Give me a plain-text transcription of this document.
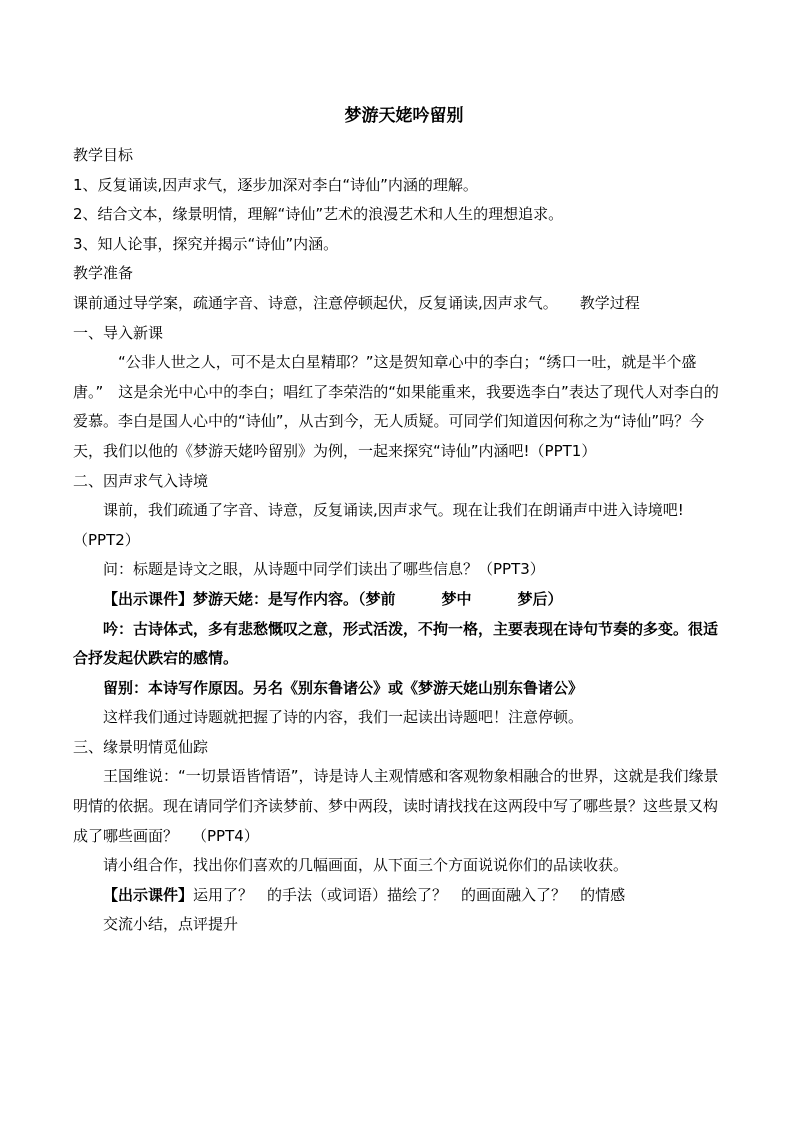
梦游天姥吟留别

教学目标

1、反复诵读,因声求气，逐步加深对李白“诗仙”内涵的理解。

2、结合文本，缘景明情，理解“诗仙”艺术的浪漫艺术和人生的理想追求。

3、知人论事，探究并揭示“诗仙”内涵。

教学准备

课前通过导学案，疏通字音、诗意，注意停顿起伏，反复诵读,因声求气。 教学过程

一、导入新课

“公非人世之人，可不是太白星精耶？”这是贺知章心中的李白；“绣口一吐，就是半个盛唐。”　这是余光中心中的李白；唱红了李荣浩的“如果能重来，我要选李白”表达了现代人对李白的爱慕。李白是国人心中的“诗仙”，从古到今，无人质疑。可同学们知道因何称之为“诗仙”吗？今天，我们以他的《梦游天姥吟留别》为例，一起来探究“诗仙”内涵吧!（PPT1）

二、因声求气入诗境

课前，我们疏通了字音、诗意，反复诵读,因声求气。现在让我们在朗诵声中进入诗境吧!（PPT2）

问：标题是诗文之眼，从诗题中同学们读出了哪些信息？（PPT3）

【出示课件】梦游天姥：是写作内容。（梦前	梦中	梦后）

吟：古诗体式，多有悲愁慨叹之意，形式活泼，不拘一格，主要表现在诗句节奏的多变。很适合抒发起伏跌宕的感情。

留别：本诗写作原因。另名《别东鲁诸公》或《梦游天姥山别东鲁诸公》

这样我们通过诗题就把握了诗的内容，我们一起读出诗题吧！注意停顿。

三、缘景明情觅仙踪

王国维说：“一切景语皆情语”，诗是诗人主观情感和客观物象相融合的世界，这就是我们缘景明情的依据。现在请同学们齐读梦前、梦中两段，读时请找找在这两段中写了哪些景？这些景又构成了哪些画面？ （PPT4）

请小组合作，找出你们喜欢的几幅画面，从下面三个方面说说你们的品读收获。

【出示课件】运用了？ 的手法（或词语）描绘了？ 的画面融入了？ 的情感

交流小结，点评提升
